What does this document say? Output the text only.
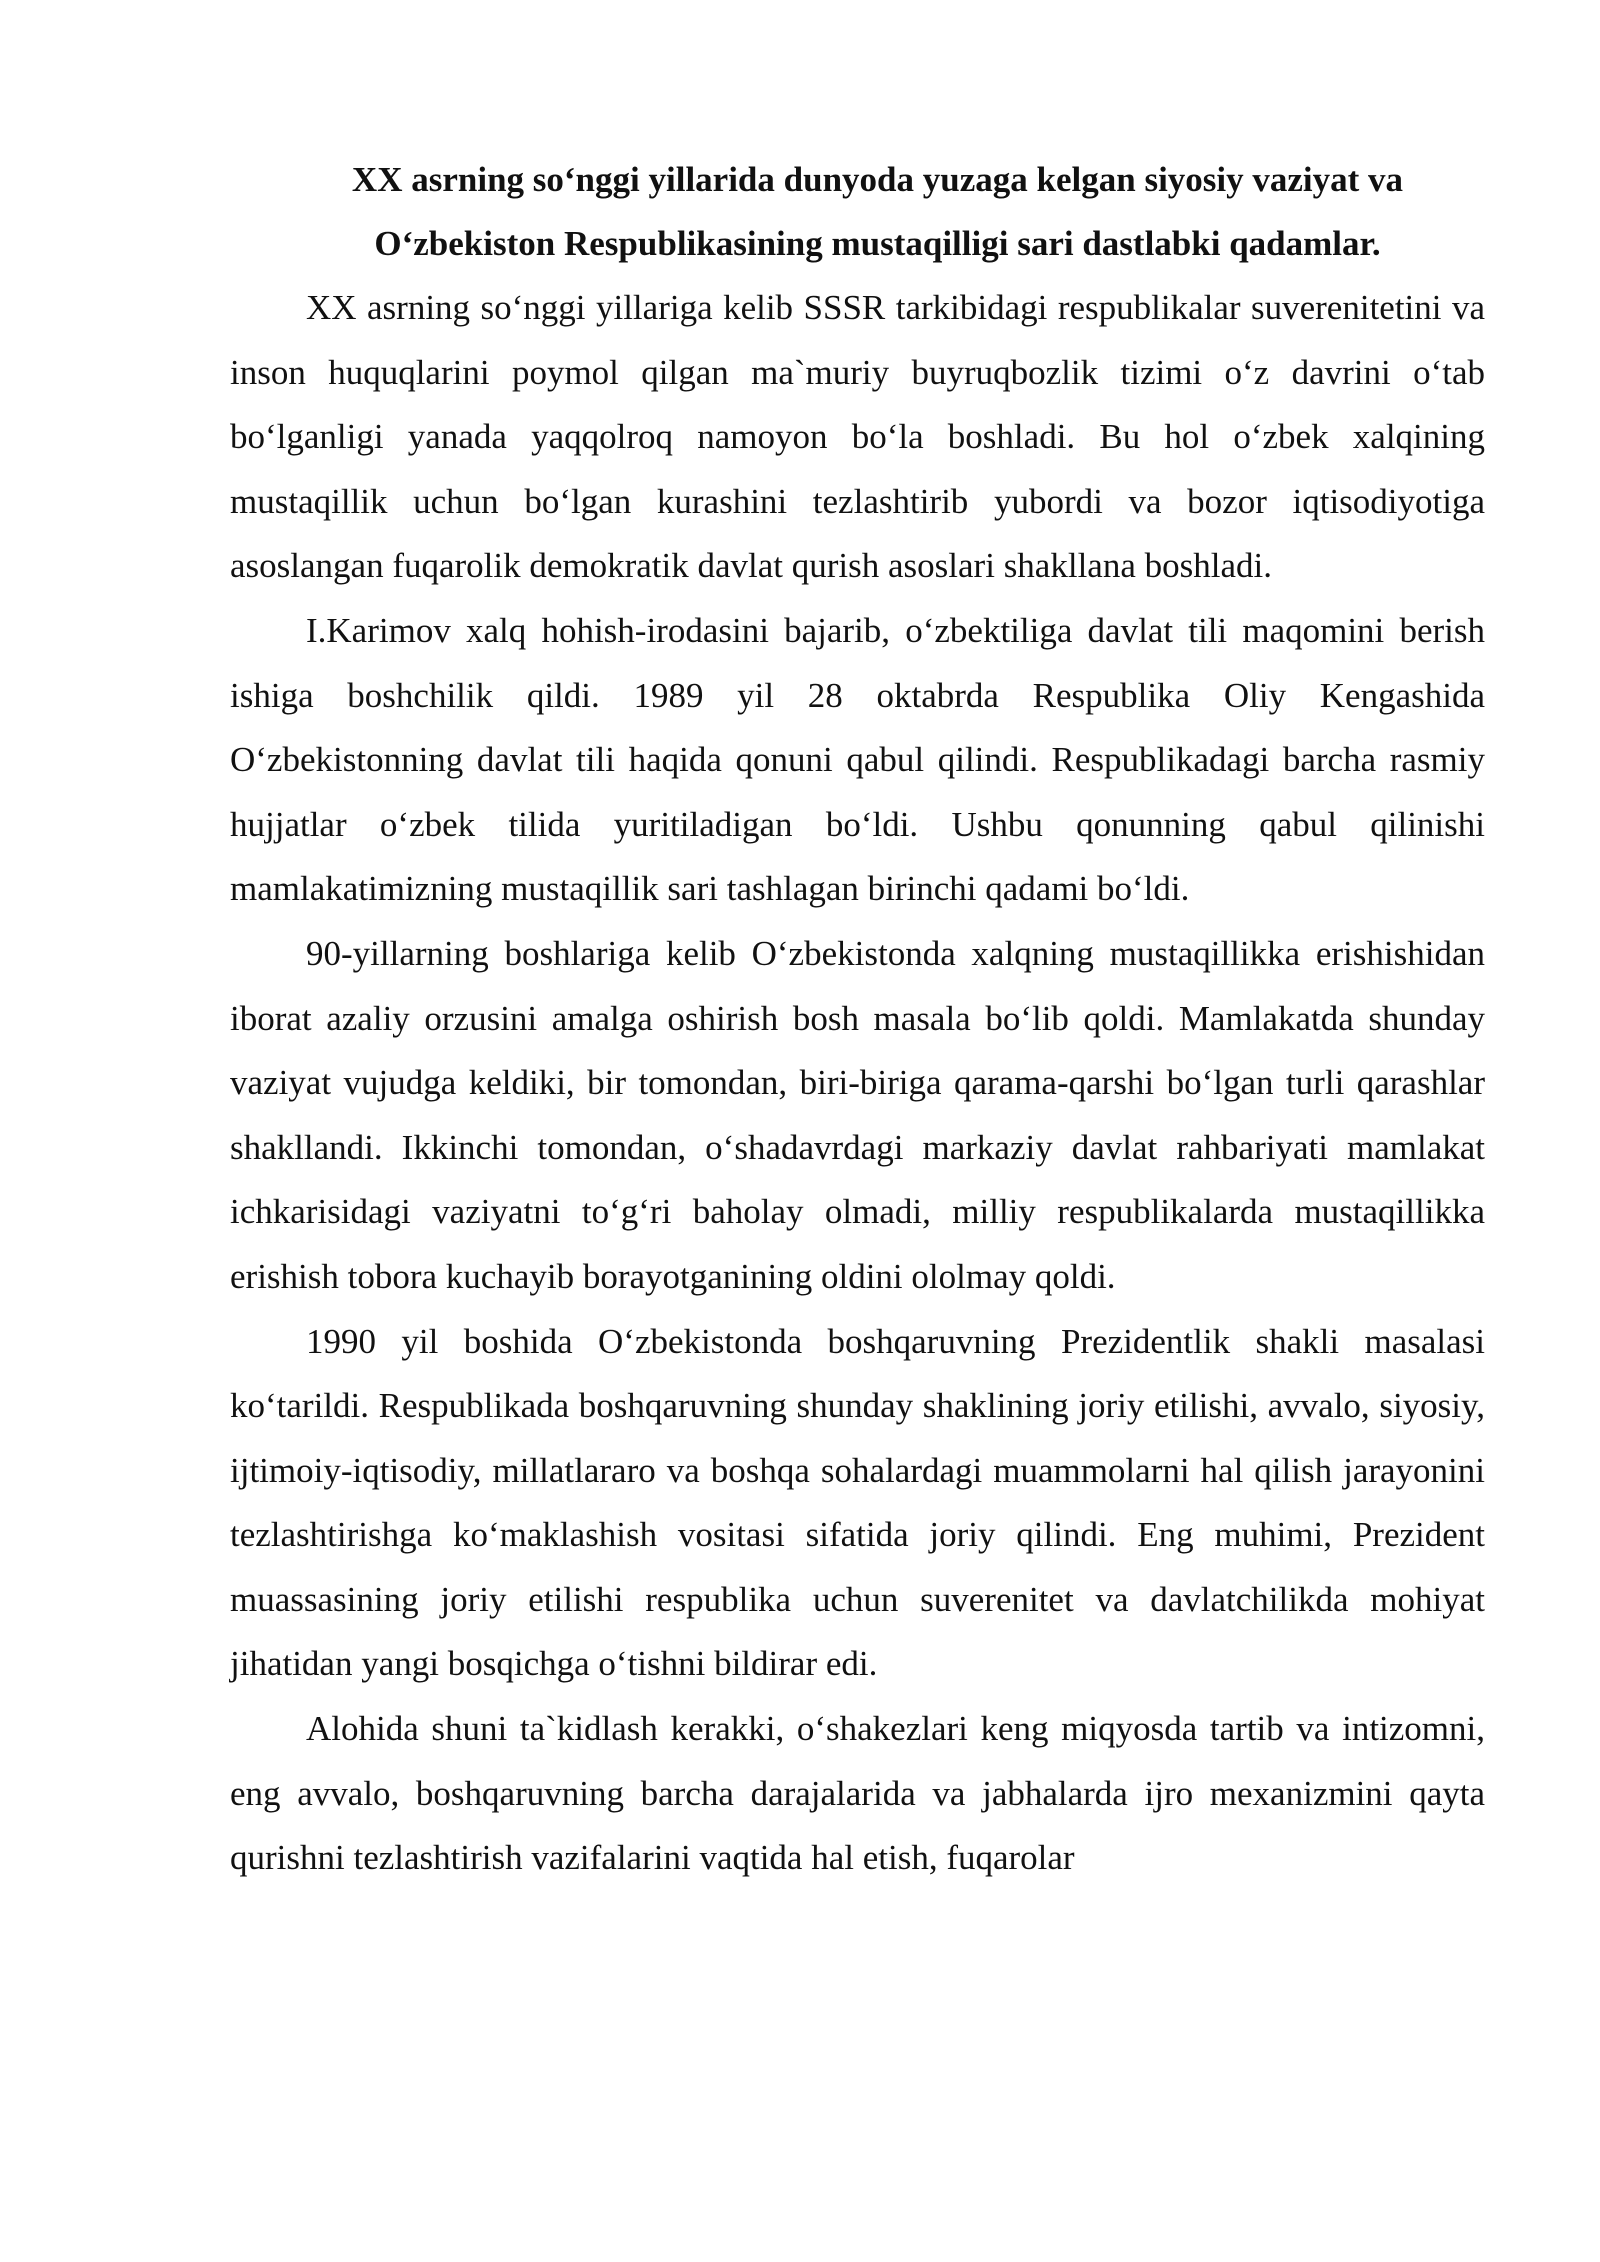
XX asrning so‘nggi yillarida dunyoda yuzaga kelgan siyosiy vaziyat va
O‘zbekiston Respublikasining mustaqilligi sari dastlabki qadamlar.

XX asrning so‘nggi yillariga kelib SSSR tarkibidagi respublikalar suverenitetini va inson huquqlarini poymol qilgan ma`muriy buyruqbozlik tizimi o‘z davrini o‘tab bo‘lganligi yanada yaqqolroq namoyon bo‘la boshladi. Bu hol o‘zbek xalqining mustaqillik uchun bo‘lgan kurashini tezlashtirib yubordi va bozor iqtisodiyotiga asoslangan fuqarolik demokratik davlat qurish asoslari shakllana boshladi.

I.Karimov xalq hohish-irodasini bajarib, o‘zbektiliga davlat tili maqomini berish ishiga boshchilik qildi. 1989 yil 28 oktabrda Respublika Oliy Kengashida O‘zbekistonning davlat tili haqida qonuni qabul qilindi. Respublikadagi barcha rasmiy hujjatlar o‘zbek tilida yuritiladigan bo‘ldi. Ushbu qonunning qabul qilinishi mamlakatimizning mustaqillik sari tashlagan birinchi qadami bo‘ldi.

90-yillarning boshlariga kelib O‘zbekistonda xalqning mustaqillikka erishishidan iborat azaliy orzusini amalga oshirish bosh masala bo‘lib qoldi. Mamlakatda shunday vaziyat vujudga keldiki, bir tomondan, biri-biriga qarama-qarshi bo‘lgan turli qarashlar shakllandi. Ikkinchi tomondan, o‘shadavrdagi markaziy davlat rahbariyati mamlakat ichkarisidagi vaziyatni to‘g‘ri baholay olmadi, milliy respublikalarda mustaqillikka erishish tobora kuchayib borayotganining oldini ololmay qoldi.

1990 yil boshida O‘zbekistonda boshqaruvning Prezidentlik shakli masalasi ko‘tarildi. Respublikada boshqaruvning shunday shaklining joriy etilishi, avvalo, siyosiy, ijtimoiy-iqtisodiy, millatlararo va boshqa sohalardagi muammolarni hal qilish jarayonini tezlashtirishga ko‘maklashish vositasi sifatida joriy qilindi. Eng muhimi, Prezident muassasining joriy etilishi respublika uchun suverenitet va davlatchilikda mohiyat jihatidan yangi bosqichga o‘tishni bildirar edi.

Alohida shuni ta`kidlash kerakki, o‘shakezlari keng miqyosda tartib va intizomni, eng avvalo, boshqaruvning barcha darajalarida va jabhalarda ijro mexanizmini qayta qurishni tezlashtirish vazifalarini vaqtida hal etish, fuqarolar
